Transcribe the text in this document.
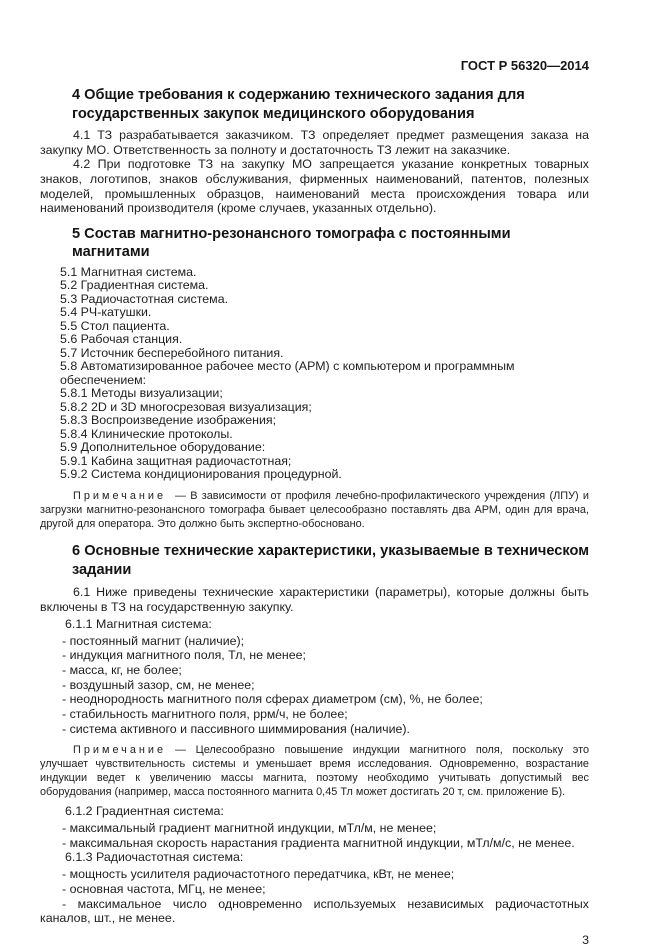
ГОСТ Р 56320—2014
4 Общие требования к содержанию технического задания для
государственных закупок медицинского оборудования

4.1 ТЗ разрабатывается заказчиком. ТЗ определяет предмет размещения заказа на закупку МО. Ответственность за полноту и достаточность ТЗ лежит на заказчике.

4.2 При подготовке ТЗ на закупку МО запрещается указание конкретных товарных знаков, логотипов, знаков обслуживания, фирменных наименований, патентов, полезных моделей, промышленных образцов, наименований места происхождения товара или наименований производителя (кроме случаев, указанных отдельно).

5 Состав магнитно-резонансного томографа с постоянными магнитами
5.1 Магнитная система.
5.2 Градиентная система.
5.3 Радиочастотная система.
5.4 РЧ-катушки.
5.5 Стол пациента.
5.6 Рабочая станция.
5.7 Источник бесперебойного питания.
5.8 Автоматизированное рабочее место (АРМ) с компьютером и программным обеспечением:
5.8.1 Методы визуализации;
5.8.2 2D и 3D многосрезовая визуализация;
5.8.3 Воспроизведение изображения;
5.8.4 Клинические протоколы.
5.9 Дополнительное оборудование:
5.9.1 Кабина защитная радиочастотная;
5.9.2 Система кондиционирования процедурной.

Примечание — В зависимости от профиля лечебно-профилактического учреждения (ЛПУ) и загрузки магнитно-резонансного томографа бывает целесообразно поставлять два АРМ, один для врача, другой для оператора. Это должно быть экспертно-обосновано.

6 Основные технические характеристики, указываемые в техническом
задании

6.1 Ниже приведены технические характеристики (параметры), которые должны быть включены в ТЗ на государственную закупку.

6.1.1 Магнитная система:
- постоянный магнит (наличие);
- индукция магнитного поля, Тл, не менее;
- масса, кг, не более;
- воздушный зазор, см, не менее;
- неоднородность магнитного поля сферах диаметром (см), %, не более;
- стабильность магнитного поля, ррм/ч, не более;
- система активного и пассивного шиммирования (наличие).

Примечание — Целесообразно повышение индукции магнитного поля, поскольку это улучшает чувствительность системы и уменьшает время исследования. Одновременно, возрастание индукции ведет к увеличению массы магнита, поэтому необходимо учитывать допустимый вес оборудования (например, масса постоянного магнита 0,45 Тл может достигать 20 т, см. приложение Б).

6.1.2 Градиентная система:
- максимальный градиент магнитной индукции, мТл/м, не менее;
- максимальная скорость нарастания градиента магнитной индукции, мТл/м/с, не менее.
6.1.3 Радиочастотная система:
- мощность усилителя радиочастотного передатчика, кВт, не менее;
- основная частота, МГц, не менее;
- максимальное число одновременно используемых независимых радиочастотных каналов, шт., не менее.
3
